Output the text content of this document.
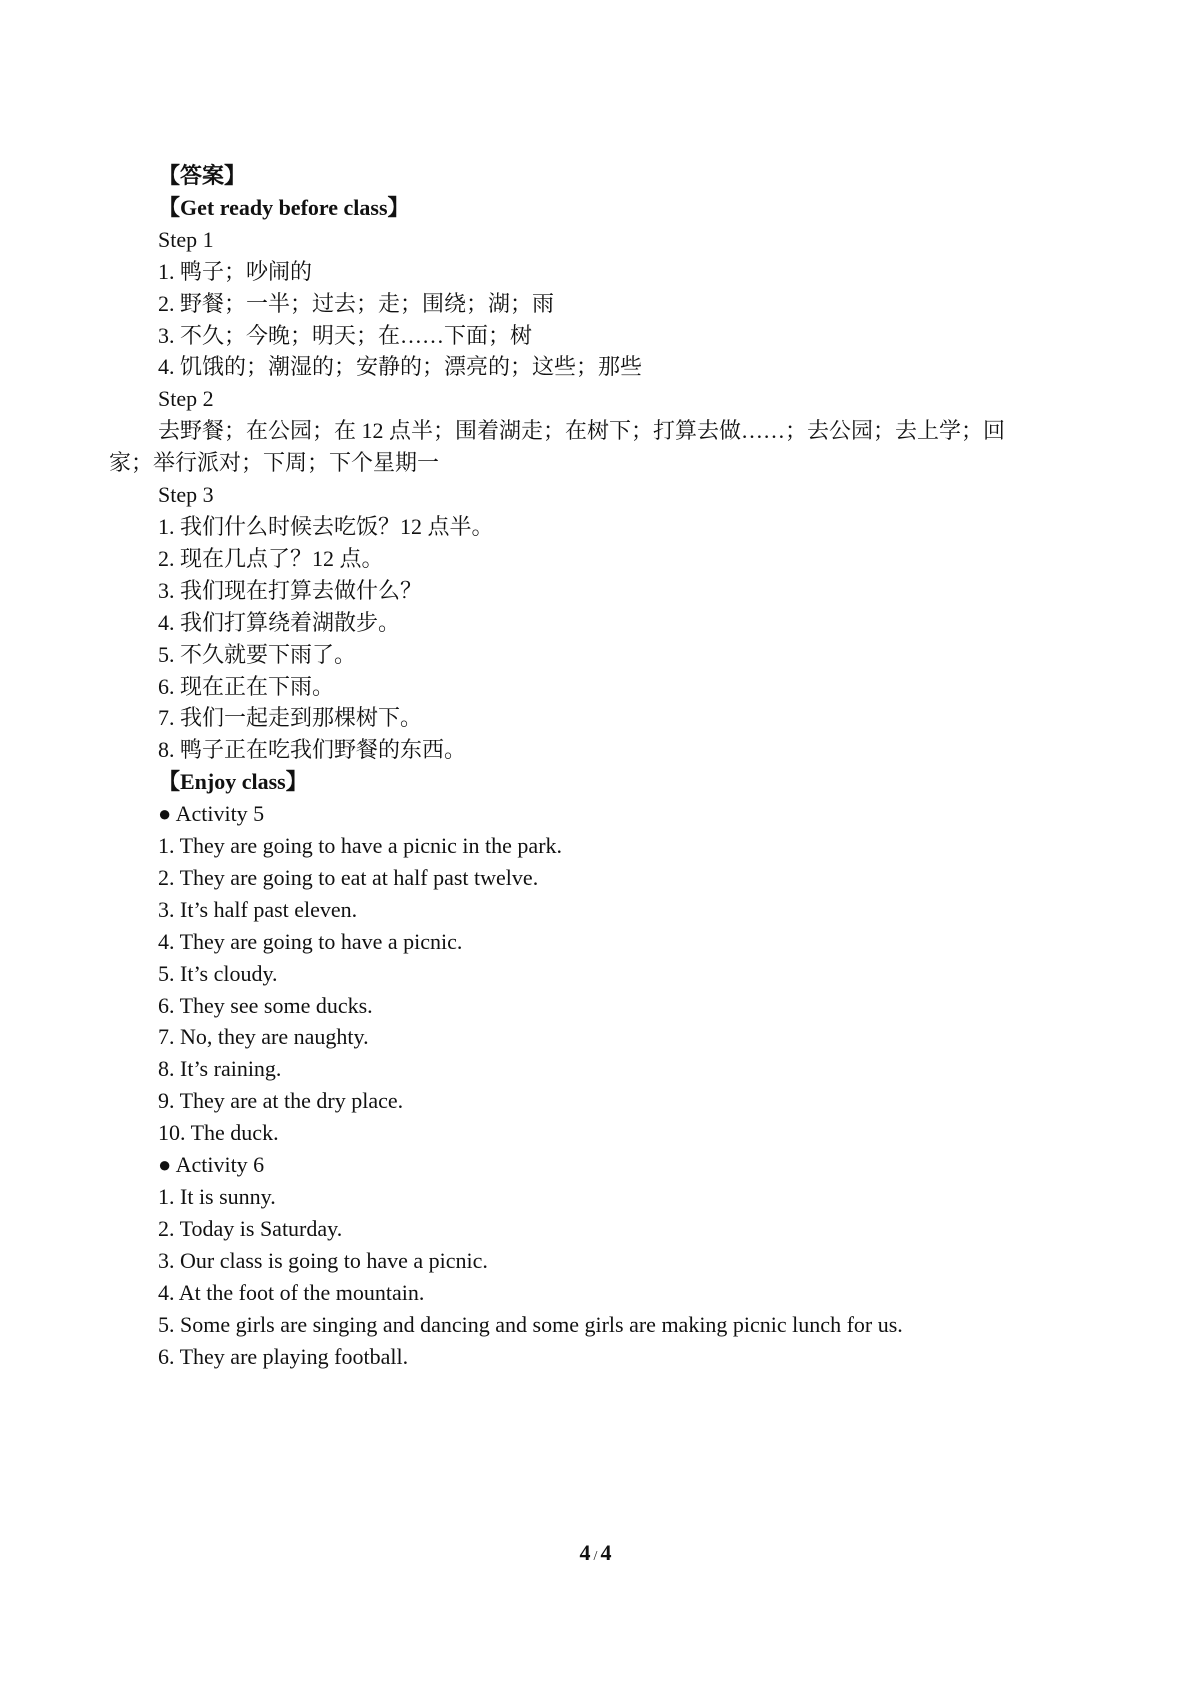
【答案】
【Get ready before class】
Step 1
1. 鸭子；吵闹的
2. 野餐；一半；过去；走；围绕；湖；雨
3. 不久；今晚；明天；在……下面；树
4. 饥饿的；潮湿的；安静的；漂亮的；这些；那些
Step 2
去野餐；在公园；在 12 点半；围着湖走；在树下；打算去做……；去公园；去上学；回
家；举行派对；下周；下个星期一
Step 3
1. 我们什么时候去吃饭？12 点半。
2. 现在几点了？12 点。
3. 我们现在打算去做什么？
4. 我们打算绕着湖散步。
5. 不久就要下雨了。
6. 现在正在下雨。
7. 我们一起走到那棵树下。
8. 鸭子正在吃我们野餐的东西。
【Enjoy class】
● Activity 5
1. They are going to have a picnic in the park.
2. They are going to eat at half past twelve.
3. It’s half past eleven.
4. They are going to have a picnic.
5. It’s cloudy.
6. They see some ducks.
7. No, they are naughty.
8. It’s raining.
9. They are at the dry place.
10. The duck.
● Activity 6
1. It is sunny.
2. Today is Saturday.
3. Our class is going to have a picnic.
4. At the foot of the mountain.
5. Some girls are singing and dancing and some girls are making picnic lunch for us.
6. They are playing football.
4 / 4
